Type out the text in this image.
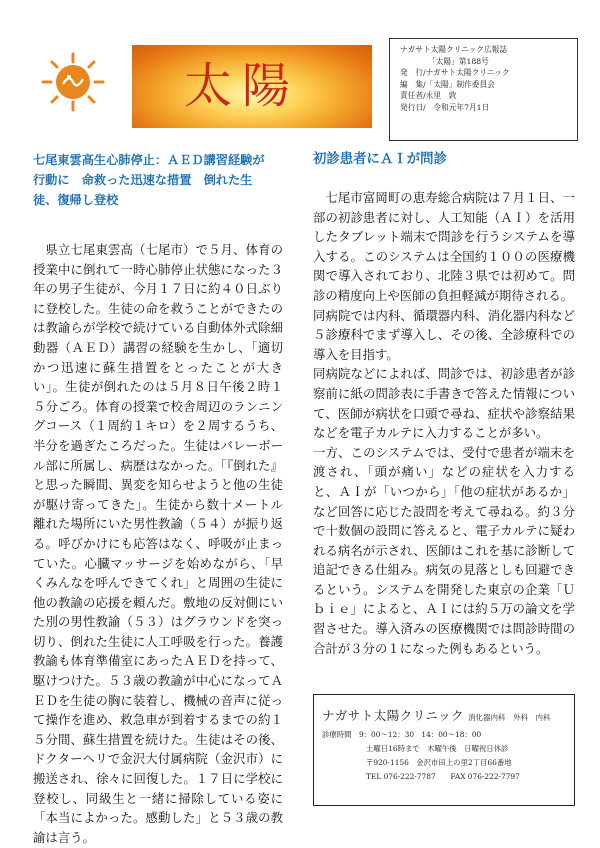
太陽
ナガサト太陽クリニック広報誌
「太陽」第188号
発　行/ナガサト太陽クリニック
編　集/「太陽」制作委員会
責任者/永里　敦
発行日/　令和元年7月1日
七尾東雲高生心肺停止：ＡＥＤ講習経験が
行動に　命救った迅速な措置　倒れた生
徒、復帰し登校

県立七尾東雲高（七尾市）で５月、体育の授業中に倒れて一時心肺停止状態になった３年の男子生徒が、今月１７日に約４０日ぶりに登校した。生徒の命を救うことができたのは教諭らが学校で続けている自動体外式除細動器（ＡＥＤ）講習の経験を生かし、「適切かつ迅速に蘇生措置をとったことが大きい」。生徒が倒れたのは５月８日午後２時１５分ごろ。体育の授業で校舎周辺のランニングコース（１周約１キロ）を２周するうち、半分を過ぎたころだった。生徒はバレーボール部に所属し、病歴はなかった。「『倒れた』と思った瞬間、異変を知らせようと他の生徒が駆け寄ってきた」。生徒から数十メートル離れた場所にいた男性教諭（５４）が振り返る。呼びかけにも応答はなく、呼吸が止まっていた。心臓マッサージを始めながら、「早くみんなを呼んできてくれ」と周囲の生徒に他の教諭の応援を頼んだ。敷地の反対側にいた別の男性教諭（５３）はグラウンドを突っ切り、倒れた生徒に人工呼吸を行った。養護教諭も体育準備室にあったＡＥＤを持って、駆けつけた。５３歳の教諭が中心になってＡＥＤを生徒の胸に装着し、機械の音声に従って操作を進め、救急車が到着するまでの約１５分間、蘇生措置を続けた。生徒はその後、ドクターヘリで金沢大付属病院（金沢市）に搬送され、徐々に回復した。１７日に学校に登校し、同級生と一緒に掃除している姿に「本当によかった。感動した」と５３歳の教諭は言う。

初診患者にＡＩが問診

七尾市富岡町の恵寿総合病院は７月１日、一部の初診患者に対し、人工知能（ＡＩ）を活用したタブレット端末で問診を行うシステムを導入する。このシステムは全国約１００の医療機関で導入されており、北陸３県では初めて。問診の精度向上や医師の負担軽減が期待される。

同病院では内科、循環器内科、消化器内科など５診療科でまず導入し、その後、全診療科での導入を目指す。

同病院などによれば、問診では、初診患者が診察前に紙の問診表に手書きで答えた情報について、医師が病状を口頭で尋ね、症状や診察結果などを電子カルテに入力することが多い。

一方、このシステムでは、受付で患者が端末を渡され、「頭が痛い」などの症状を入力すると、ＡＩが「いつから」「他の症状があるか」など回答に応じた設問を考えて尋ねる。約３分で十数個の設問に答えると、電子カルテに疑われる病名が示され、医師はこれを基に診断して追記できる仕組み。病気の見落としも回避できるという。システムを開発した東京の企業「Ｕｂｉｅ」によると、ＡＩには約５万の論文を学習させた。導入済みの医療機関では問診時間の合計が３分の１になった例もあるという。

ナガサト太陽クリニック 消化器内科　外科　内科
診療時間　9：00～12：30　14：00～18：00
土曜日16時まで　木曜午後　日曜祝日休診
〒920-1156　金沢市田上の里2丁目66番地
TEL 076-222-7787　　FAX 076-222-7797
